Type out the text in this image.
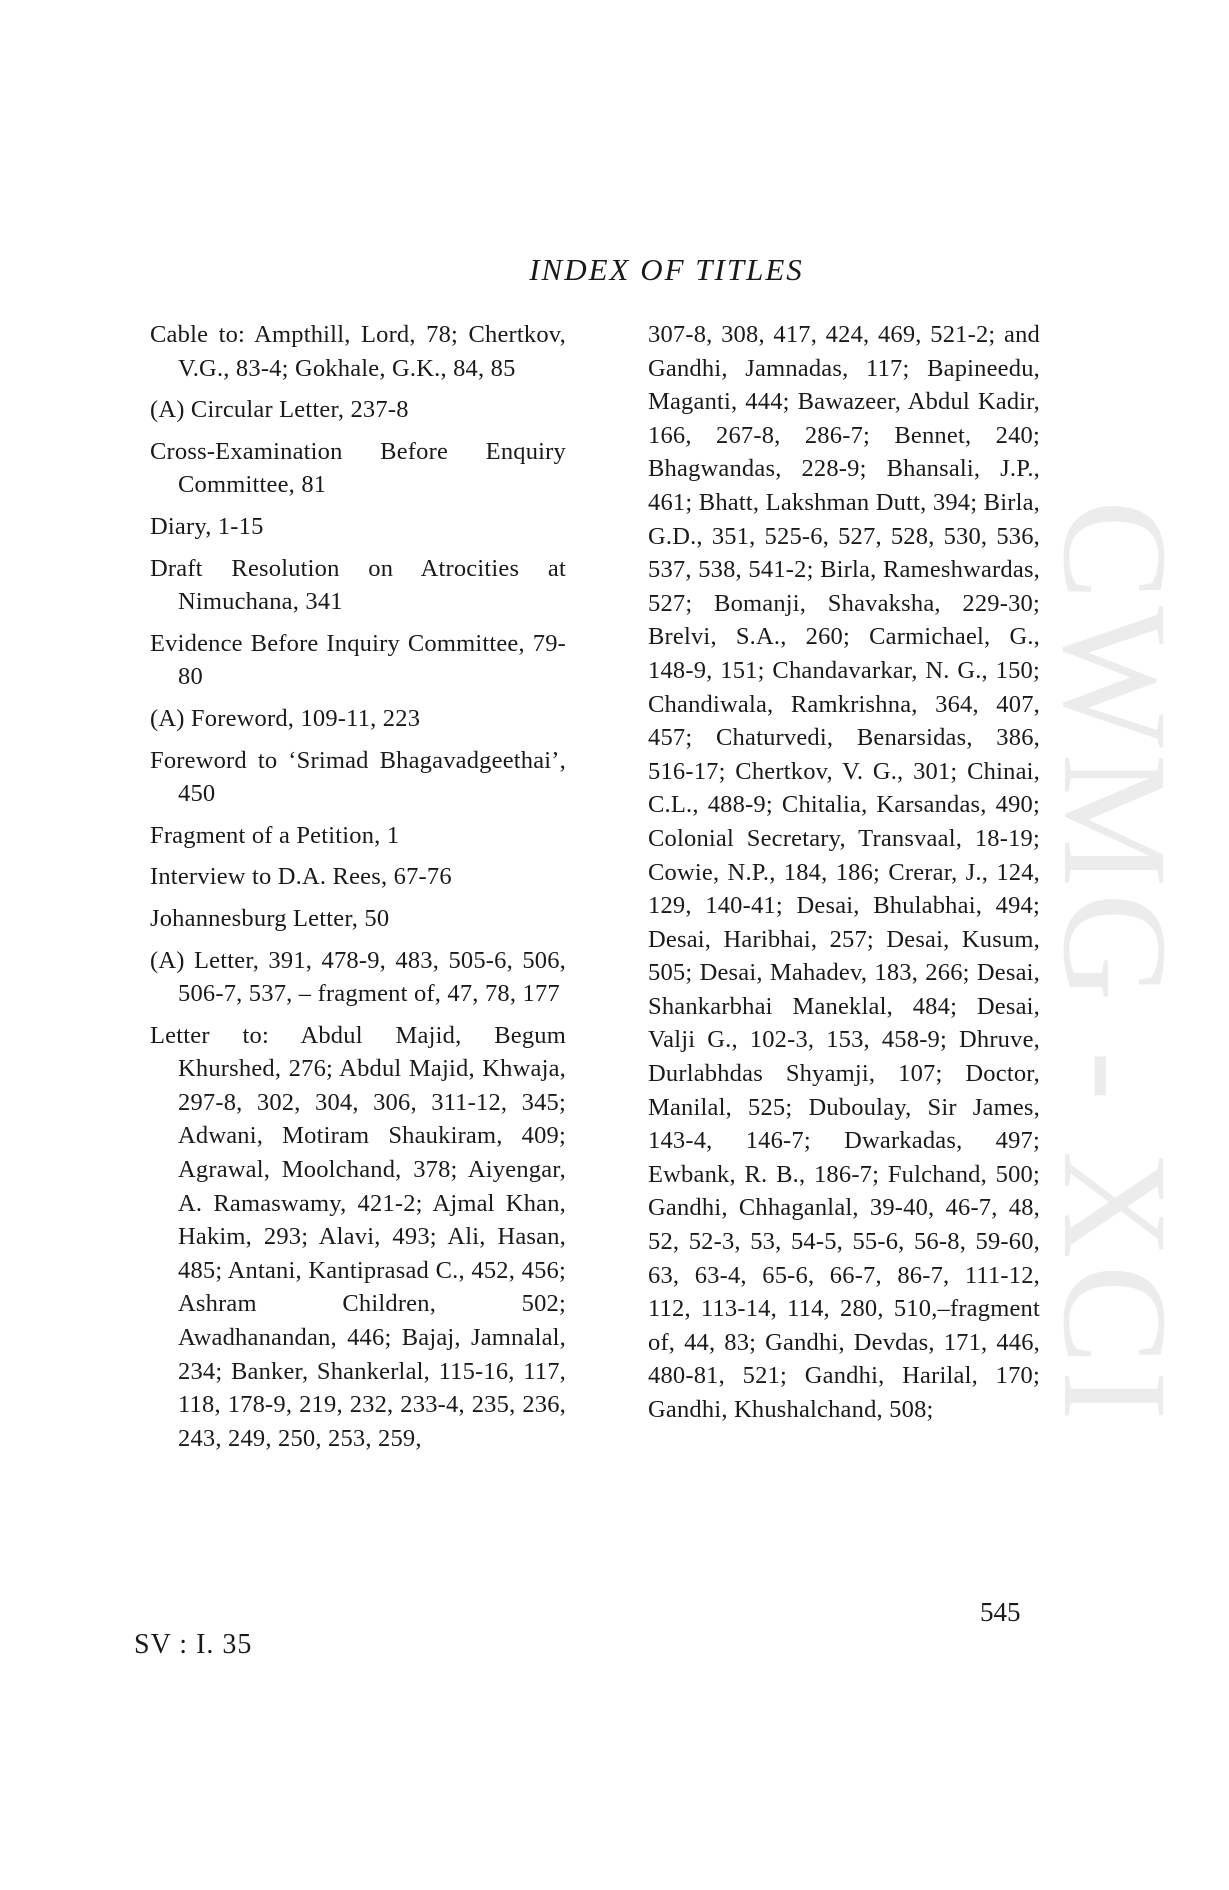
INDEX OF TITLES
CWMG - XCI

Cable to: Ampthill, Lord, 78; Chertkov, V.G., 83-4; Gokhale, G.K., 84, 85

(A) Circular Letter, 237-8

Cross-Examination Before Enquiry Committee, 81

Diary, 1-15

Draft Resolution on Atrocities at Nimuchana, 341

Evidence Before Inquiry Committee, 79-80

(A) Foreword, 109-11, 223

Foreword to ‘Srimad Bhagavadgeethai’, 450

Fragment of a Petition, 1

Interview to D.A. Rees, 67-76

Johannesburg Letter, 50

(A) Letter, 391, 478-9, 483, 505-6, 506, 506-7, 537, – fragment of, 47, 78, 177

Letter to: Abdul Majid, Begum Khurshed, 276; Abdul Majid, Khwaja, 297-8, 302, 304, 306, 311-12, 345; Adwani, Motiram Shaukiram, 409; Agrawal, Moolchand, 378; Aiyengar, A. Ramaswamy, 421-2; Ajmal Khan, Hakim, 293; Alavi, 493; Ali, Hasan, 485; Antani, Kantiprasad C., 452, 456; Ashram Children, 502; Awadhanandan, 446; Bajaj, Jamnalal, 234; Banker, Shankerlal, 115-16, 117, 118, 178-9, 219, 232, 233-4, 235, 236, 243, 249, 250, 253, 259,

307-8, 308, 417, 424, 469, 521-2; and Gandhi, Jamnadas, 117; Bapineedu, Maganti, 444; Bawazeer, Abdul Kadir, 166, 267-8, 286-7; Bennet, 240; Bhagwandas, 228-9; Bhansali, J.P., 461; Bhatt, Lakshman Dutt, 394; Birla, G.D., 351, 525-6, 527, 528, 530, 536, 537, 538, 541-2; Birla, Rameshwardas, 527; Bomanji, Shavaksha, 229-30; Brelvi, S.A., 260; Carmichael, G., 148-9, 151; Chandavarkar, N. G., 150; Chandiwala, Ramkrishna, 364, 407, 457; Chaturvedi, Benarsidas, 386, 516-17; Chertkov, V. G., 301; Chinai, C.L., 488-9; Chitalia, Karsandas, 490; Colonial Secretary, Transvaal, 18-19; Cowie, N.P., 184, 186; Crerar, J., 124, 129, 140-41; Desai, Bhulabhai, 494; Desai, Haribhai, 257; Desai, Kusum, 505; Desai, Mahadev, 183, 266; Desai, Shankarbhai Maneklal, 484; Desai, Valji G., 102-3, 153, 458-9; Dhruve, Durlabhdas Shyamji, 107; Doctor, Manilal, 525; Duboulay, Sir James, 143-4, 146-7; Dwarkadas, 497; Ewbank, R. B., 186-7; Fulchand, 500; Gandhi, Chhaganlal, 39-40, 46-7, 48, 52, 52-3, 53, 54-5, 55-6, 56-8, 59-60, 63, 63-4, 65-6, 66-7, 86-7, 111-12, 112, 113-14, 114, 280, 510,–fragment of, 44, 83; Gandhi, Devdas, 171, 446, 480-81, 521; Gandhi, Harilal, 170; Gandhi, Khushalchand, 508;

545
SV : I. 35
